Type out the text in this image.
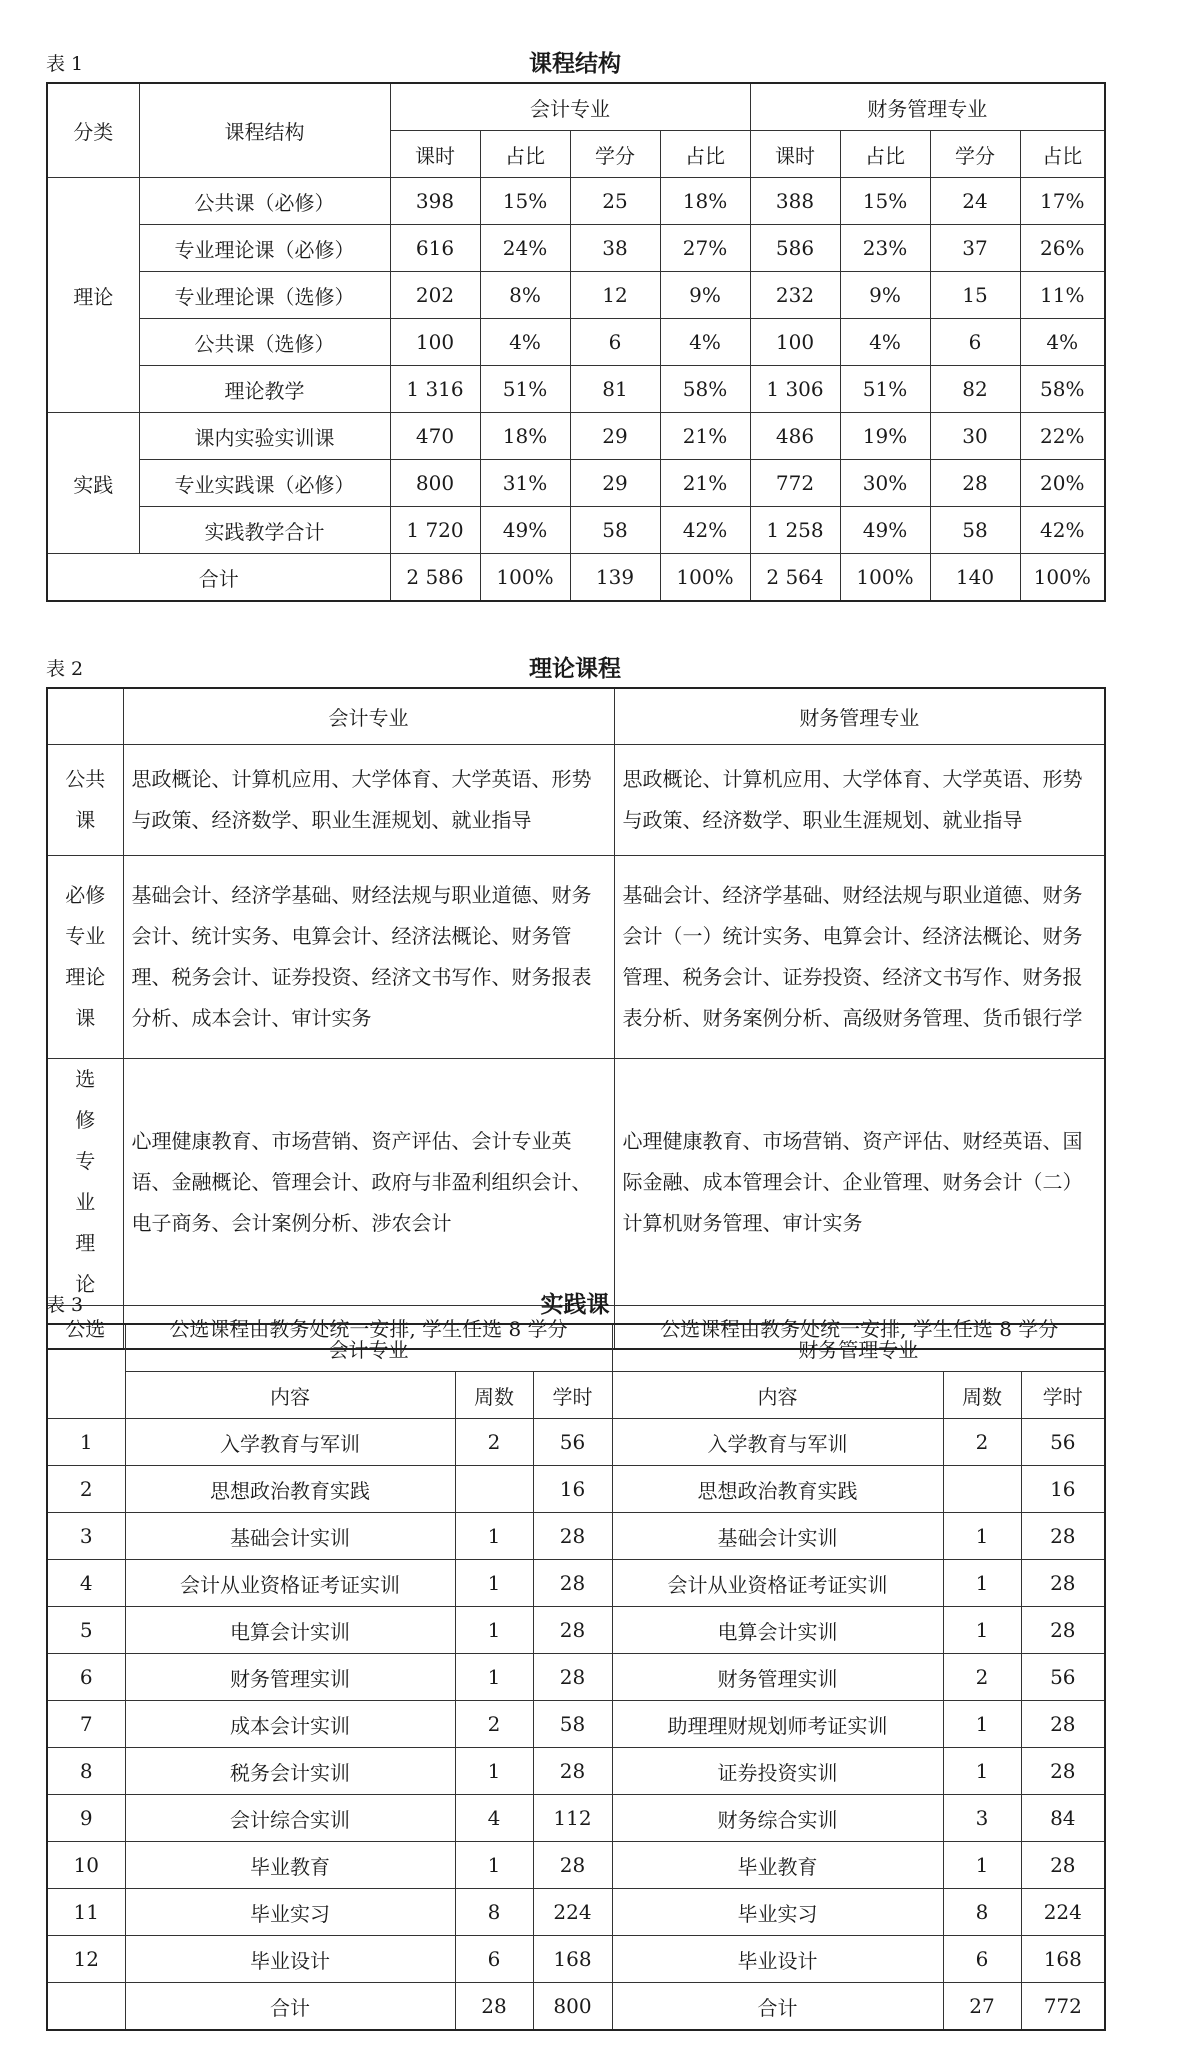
表 1	课程结构
分类	课程结构	会计专业				财务管理专业			
		课时	占比	学分	占比	课时	占比	学分	占比
理论	公共课（必修）	398	15%	25	18%	388	15%	24	17%
	专业理论课（必修）	616	24%	38	27%	586	23%	37	26%
	专业理论课（选修）	202	8%	12	9%	232	9%	15	11%
	公共课（选修）	100	4%	6	4%	100	4%	6	4%
	理论教学	1 316	51%	81	58%	1 306	51%	82	58%
实践	课内实验实训课	470	18%	29	21%	486	19%	30	22%
	专业实践课（必修）	800	31%	29	21%	772	30%	28	20%
	实践教学合计	1 720	49%	58	42%	1 258	49%	58	42%
合计		2 586	100%	139	100%	2 564	100%	140	100%
表 2	理论课程
	会计专业	财务管理专业
公共课	思政概论、计算机应用、大学体育、大学英语、形势与政策、经济数学、职业生涯规划、就业指导	思政概论、计算机应用、大学体育、大学英语、形势与政策、经济数学、职业生涯规划、就业指导
必修专业理论课	基础会计、经济学基础、财经法规与职业道德、财务会计、统计实务、电算会计、经济法概论、财务管理、税务会计、证券投资、经济文书写作、财务报表分析、成本会计、审计实务	基础会计、经济学基础、财经法规与职业道德、财务会计（一）统计实务、电算会计、经济法概论、财务管理、税务会计、证券投资、经济文书写作、财务报表分析、财务案例分析、高级财务管理、货币银行学
选修专业理论	心理健康教育、市场营销、资产评估、会计专业英语、金融概论、管理会计、政府与非盈利组织会计、电子商务、会计案例分析、涉农会计	心理健康教育、市场营销、资产评估、财经英语、国际金融、成本管理会计、企业管理、财务会计（二）计算机财务管理、审计实务
公选	公选课程由教务处统一安排, 学生任选 8 学分	公选课程由教务处统一安排, 学生任选 8 学分
表 3	实践课
	会计专业			财务管理专业		
	内容	周数	学时	内容	周数	学时
1	入学教育与军训	2	56	入学教育与军训	2	56
2	思想政治教育实践		16	思想政治教育实践		16
3	基础会计实训	1	28	基础会计实训	1	28
4	会计从业资格证考证实训	1	28	会计从业资格证考证实训	1	28
5	电算会计实训	1	28	电算会计实训	1	28
6	财务管理实训	1	28	财务管理实训	2	56
7	成本会计实训	2	58	助理理财规划师考证实训	1	28
8	税务会计实训	1	28	证券投资实训	1	28
9	会计综合实训	4	112	财务综合实训	3	84
10	毕业教育	1	28	毕业教育	1	28
11	毕业实习	8	224	毕业实习	8	224
12	毕业设计	6	168	毕业设计	6	168
	合计	28	800	合计	27	772
